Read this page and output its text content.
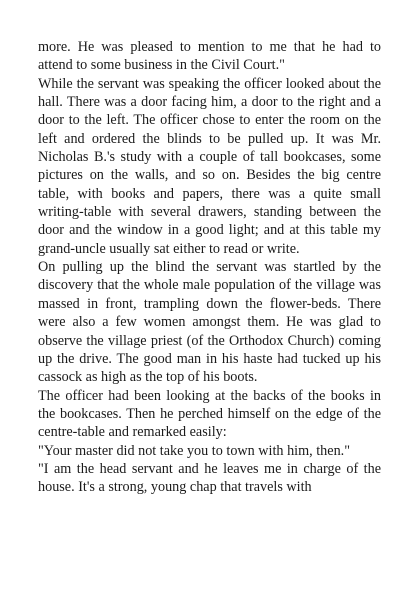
more. He was pleased to mention to me that he had to attend to some business in the Civil Court."

While the servant was speaking the officer looked about the hall. There was a door facing him, a door to the right and a door to the left. The officer chose to enter the room on the left and ordered the blinds to be pulled up. It was Mr. Nicholas B.'s study with a couple of tall bookcases, some pictures on the walls, and so on. Besides the big centre table, with books and papers, there was a quite small writing-table with several drawers, standing between the door and the window in a good light; and at this table my grand-uncle usually sat either to read or write.

On pulling up the blind the servant was startled by the discovery that the whole male population of the village was massed in front, trampling down the flower-beds. There were also a few women amongst them. He was glad to observe the village priest (of the Orthodox Church) coming up the drive. The good man in his haste had tucked up his cassock as high as the top of his boots.

The officer had been looking at the backs of the books in the bookcases. Then he perched himself on the edge of the centre-table and remarked easily:

"Your master did not take you to town with him, then."

"I am the head servant and he leaves me in charge of the house. It's a strong, young chap that travels with
